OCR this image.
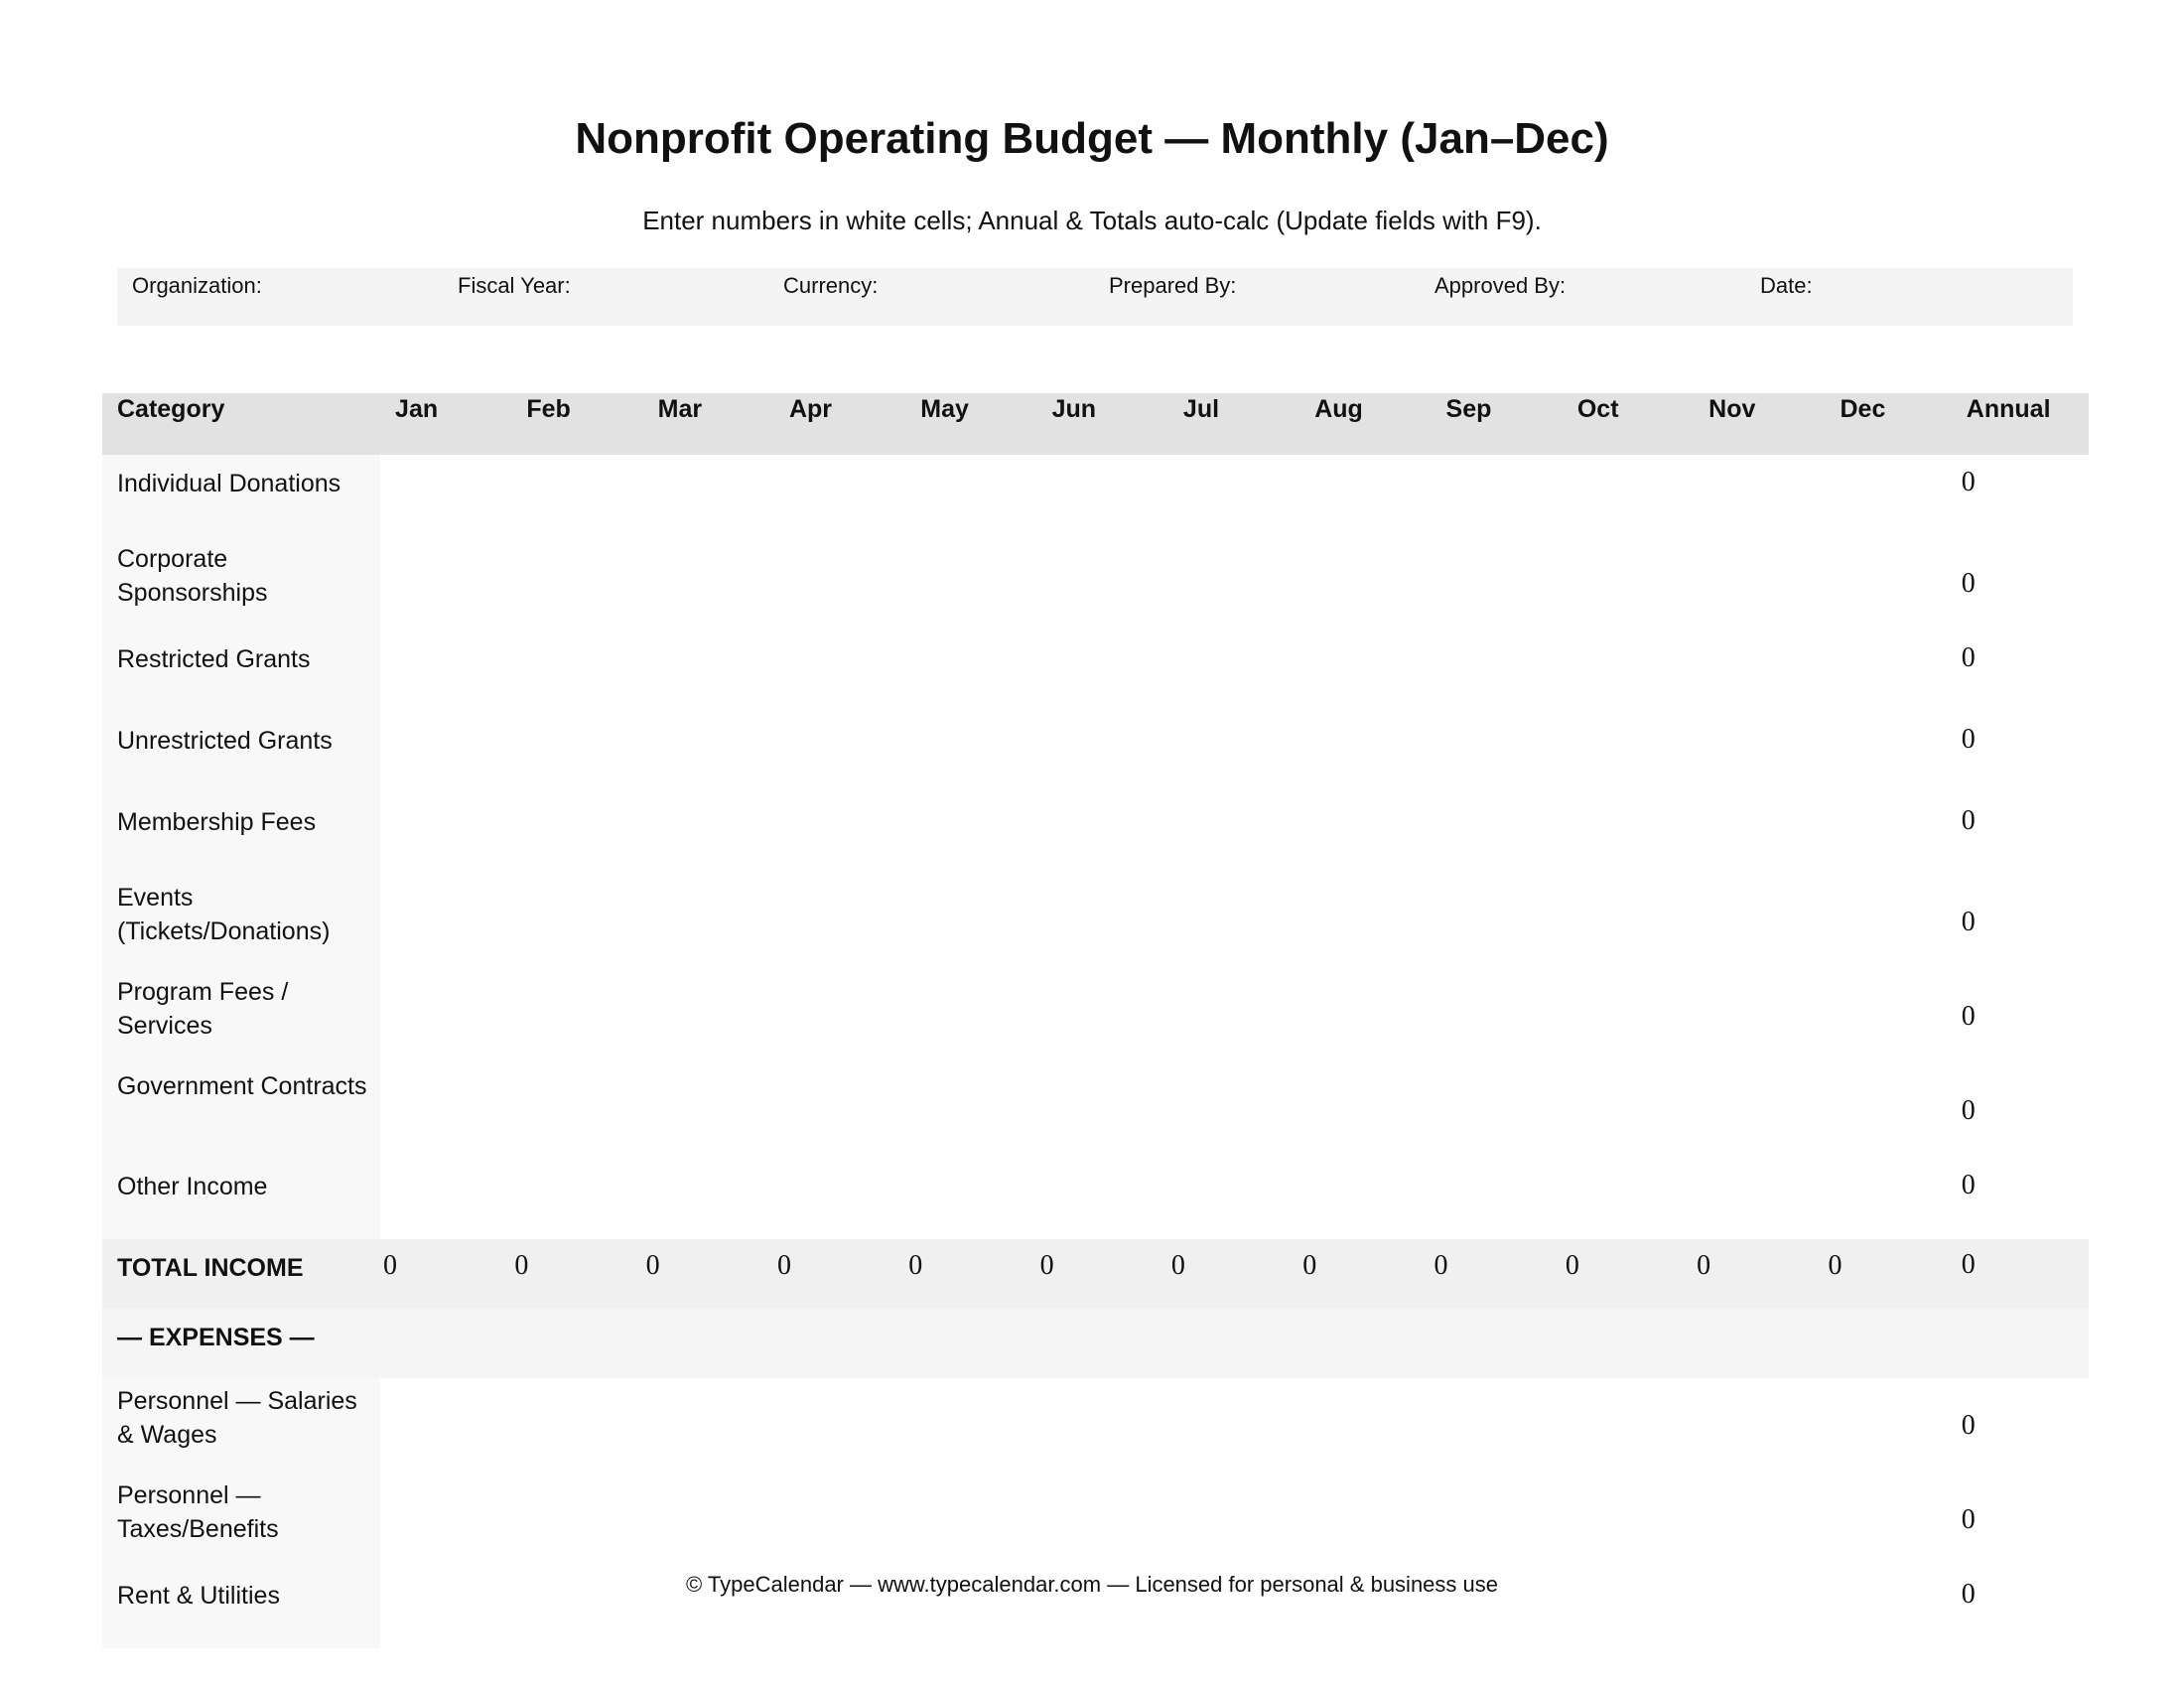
Nonprofit Operating Budget — Monthly (Jan–Dec)
Enter numbers in white cells; Annual & Totals auto-calc (Update fields with F9).
Organization:	Fiscal Year:	Currency:	Prepared By:	Approved By:	Date:
Category	Jan	Feb	Mar	Apr	May	Jun	Jul	Aug	Sep	Oct	Nov	Dec	Annual
Individual Donations													0
Corporate Sponsorships													0
Restricted Grants													0
Unrestricted Grants													0
Membership Fees													0
Events (Tickets/Donations)													0
Program Fees / Services													0
Government Contracts													0
Other Income													0
TOTAL INCOME	0	0	0	0	0	0	0	0	0	0	0	0	0
— EXPENSES —													
Personnel — Salaries & Wages													0
Personnel — Taxes/Benefits													0
Rent & Utilities													0
© TypeCalendar — www.typecalendar.com — Licensed for personal & business use
